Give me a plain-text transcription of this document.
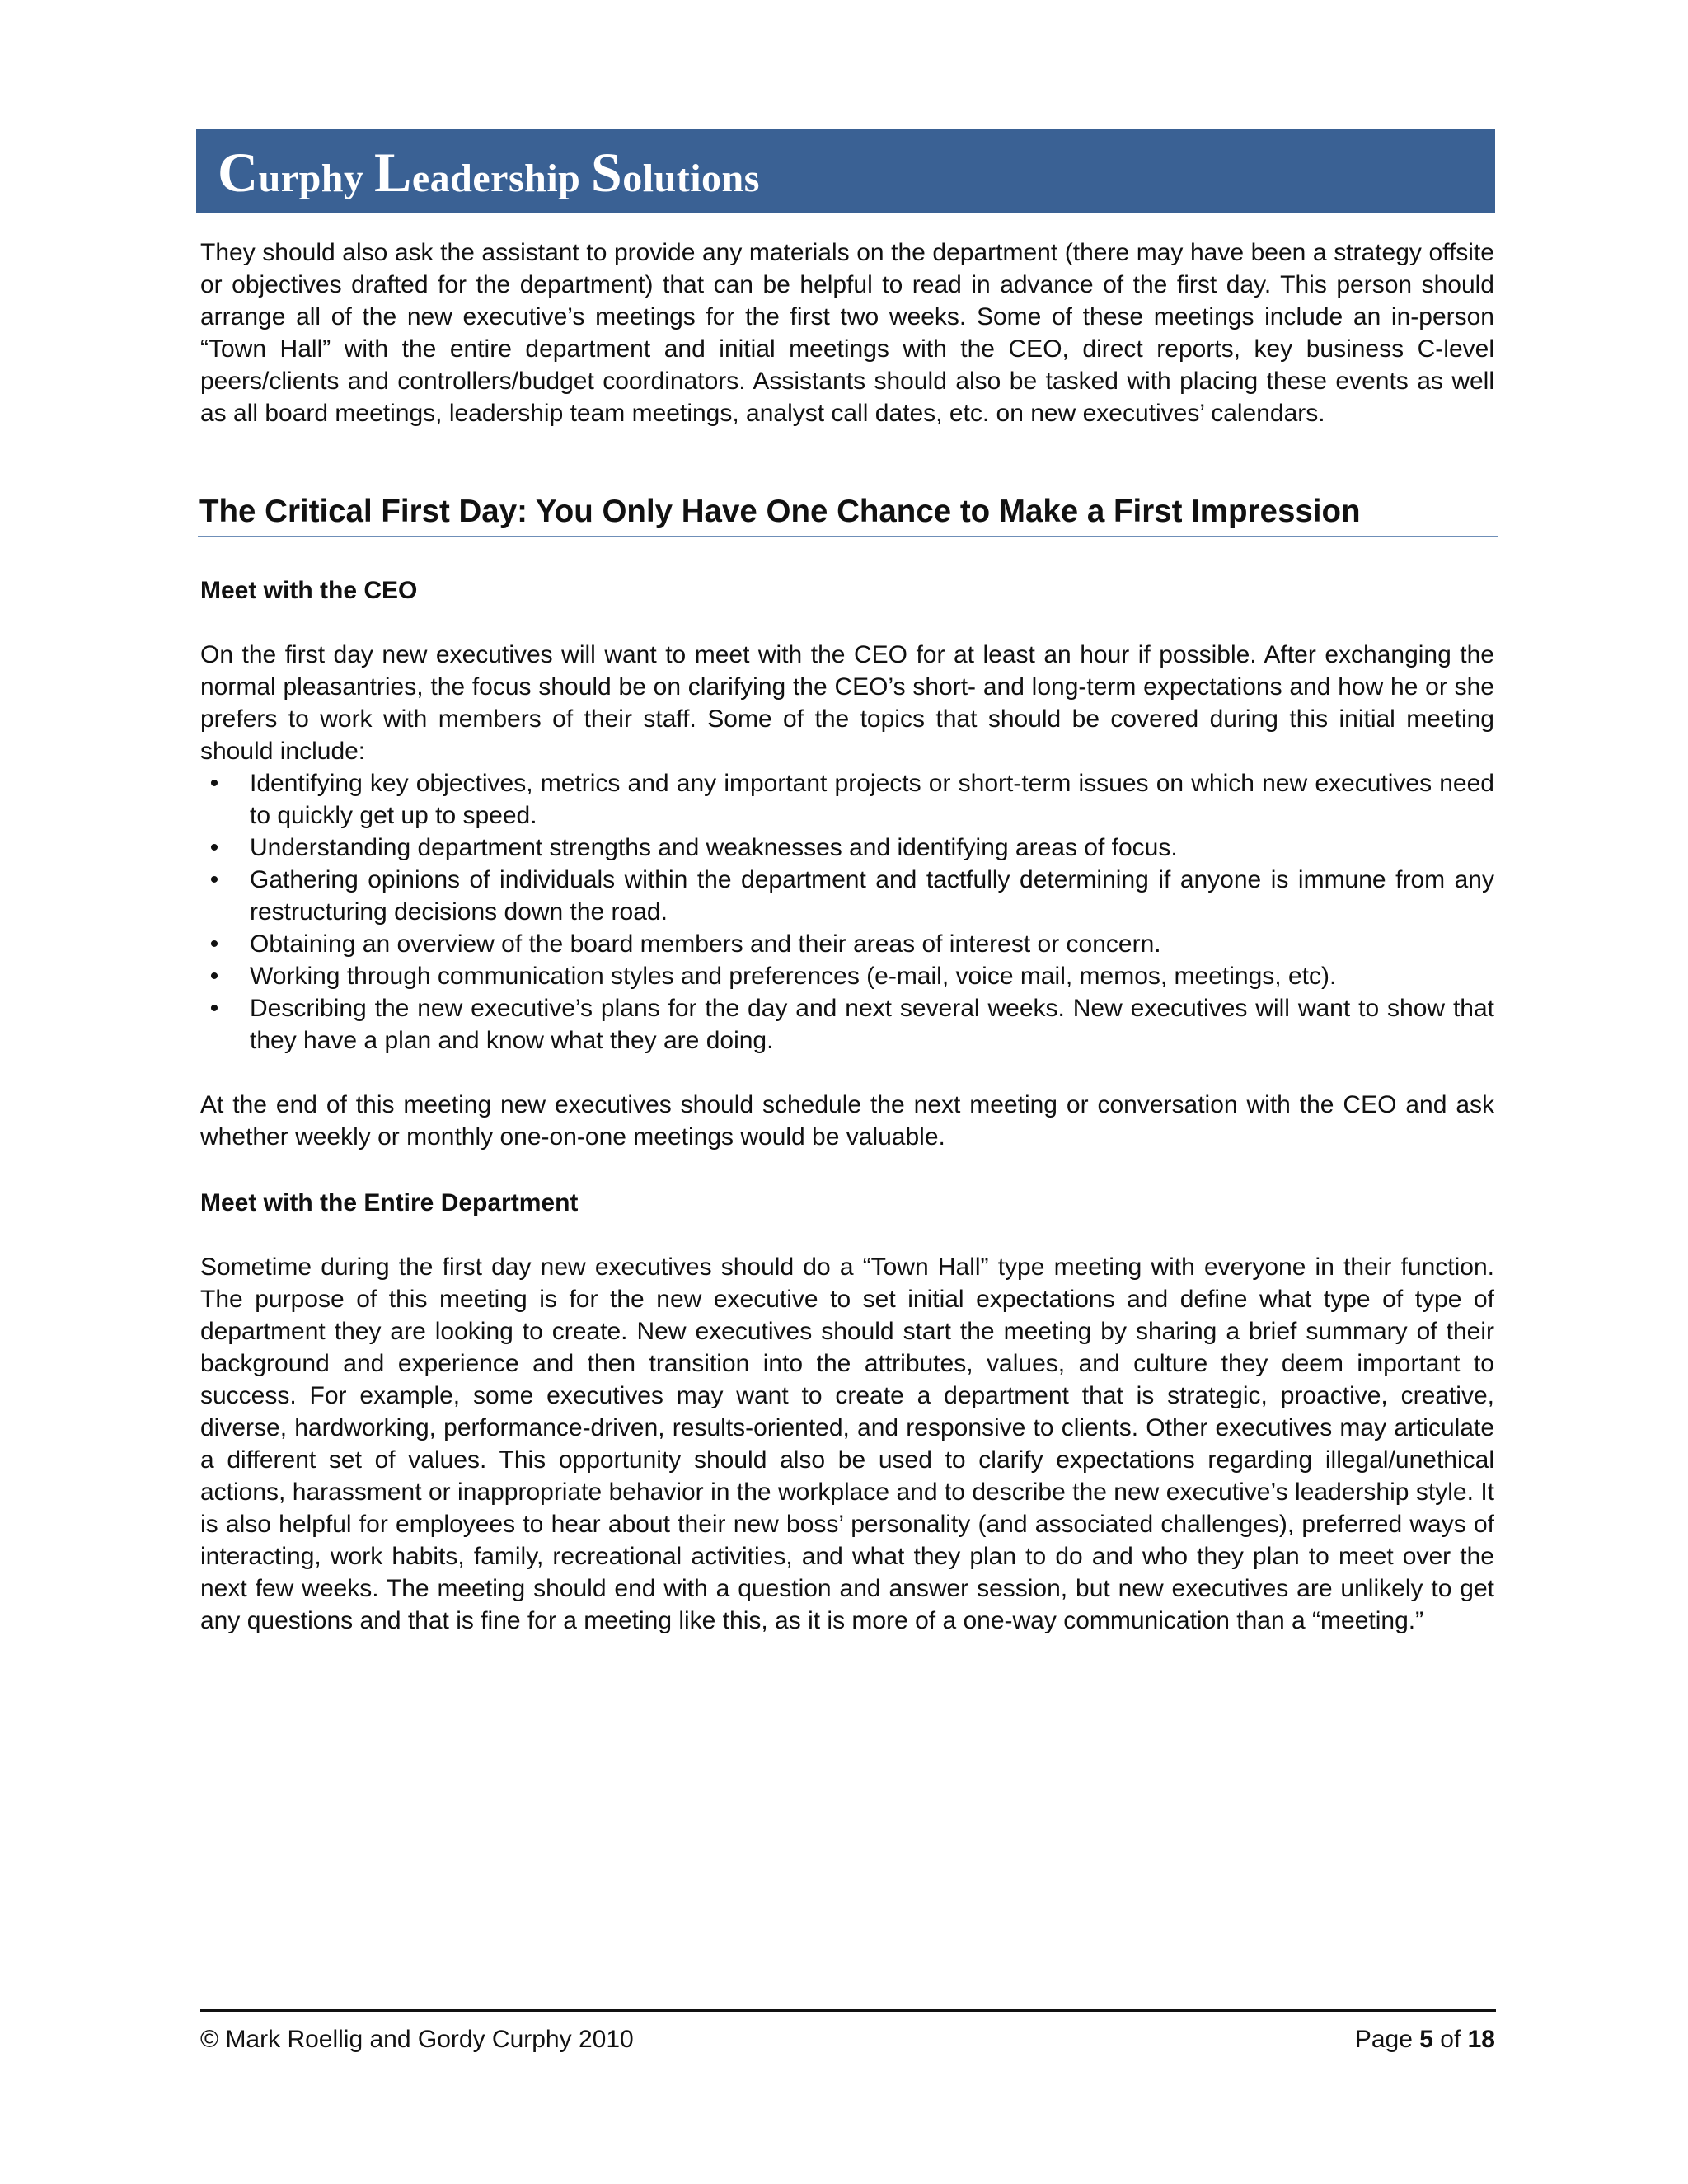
Curphy Leadership Solutions

They should also ask the assistant to provide any materials on the department (there may have been a strategy offsite or objectives drafted for the department) that can be helpful to read in advance of the first day. This person should arrange all of the new executive’s meetings for the first two weeks. Some of these meetings include an in-person “Town Hall” with the entire department and initial meetings with the CEO, direct reports, key business C-level peers/clients and controllers/budget coordinators. Assistants should also be tasked with placing these events as well as all board meetings, leadership team meetings, analyst call dates, etc. on new executives’ calendars.

The Critical First Day: You Only Have One Chance to Make a First Impression

Meet with the CEO

On the first day new executives will want to meet with the CEO for at least an hour if possible. After exchanging the normal pleasantries, the focus should be on clarifying the CEO’s short- and long-term expectations and how he or she prefers to work with members of their staff. Some of the topics that should be covered during this initial meeting should include:

•	Identifying key objectives, metrics and any important projects or short-term issues on which new executives need to quickly get up to speed.
•	Understanding department strengths and weaknesses and identifying areas of focus.
•	Gathering opinions of individuals within the department and tactfully determining if anyone is immune from any restructuring decisions down the road.
•	Obtaining an overview of the board members and their areas of interest or concern.
•	Working through communication styles and preferences (e-mail, voice mail, memos, meetings, etc).
•	Describing the new executive’s plans for the day and next several weeks. New executives will want to show that they have a plan and know what they are doing.

At the end of this meeting new executives should schedule the next meeting or conversation with the CEO and ask whether weekly or monthly one-on-one meetings would be valuable.

Meet with the Entire Department

Sometime during the first day new executives should do a “Town Hall” type meeting with everyone in their function. The purpose of this meeting is for the new executive to set initial expectations and define what type of type of department they are looking to create. New executives should start the meeting by sharing a brief summary of their background and experience and then transition into the attributes, values, and culture they deem important to success. For example, some executives may want to create a department that is strategic, proactive, creative, diverse, hardworking, performance-driven, results-oriented, and responsive to clients. Other executives may articulate a different set of values. This opportunity should also be used to clarify expectations regarding illegal/unethical actions, harassment or inappropriate behavior in the workplace and to describe the new executive’s leadership style. It is also helpful for employees to hear about their new boss’ personality (and associated challenges), preferred ways of interacting, work habits, family, recreational activities, and what they plan to do and who they plan to meet over the next few weeks. The meeting should end with a question and answer session, but new executives are unlikely to get any questions and that is fine for a meeting like this, as it is more of a one-way communication than a “meeting.”

© Mark Roellig and Gordy Curphy 2010	Page 5 of 18
